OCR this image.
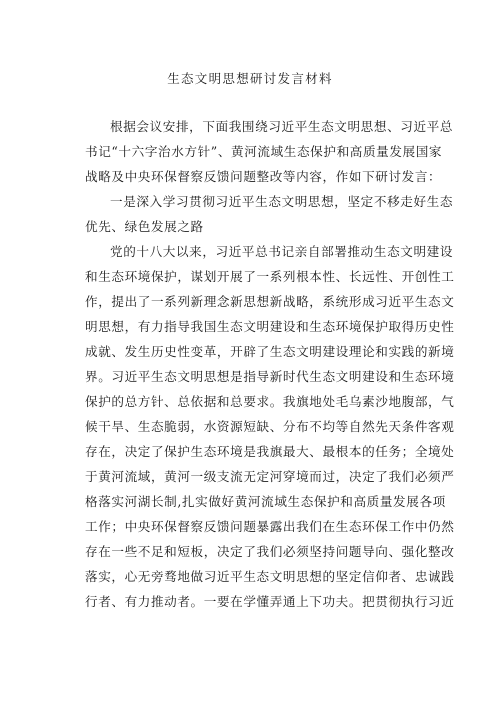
生态文明思想研讨发言材料
根据会议安排，下面我围绕习近平生态文明思想、习近平总
书记“十六字治水方针”、黄河流域生态保护和高质量发展国家
战略及中央环保督察反馈问题整改等内容，作如下研讨发言：
一是深入学习贯彻习近平生态文明思想，坚定不移走好生态
优先、绿色发展之路
党的十八大以来，习近平总书记亲自部署推动生态文明建设
和生态环境保护，谋划开展了一系列根本性、长远性、开创性工
作，提出了一系列新理念新思想新战略，系统形成习近平生态文
明思想，有力指导我国生态文明建设和生态环境保护取得历史性
成就、发生历史性变革，开辟了生态文明建设理论和实践的新境
界。习近平生态文明思想是指导新时代生态文明建设和生态环境
保护的总方针、总依据和总要求。我旗地处毛乌素沙地腹部，气
候干旱、生态脆弱，水资源短缺、分布不均等自然先天条件客观
存在，决定了保护生态环境是我旗最大、最根本的任务；全境处
于黄河流域，黄河一级支流无定河穿境而过，决定了我们必须严
格落实河湖长制,扎实做好黄河流域生态保护和高质量发展各项
工作；中央环保督察反馈问题暴露出我们在生态环保工作中仍然
存在一些不足和短板，决定了我们必须坚持问题导向、强化整改
落实，心无旁骛地做习近平生态文明思想的坚定信仰者、忠诚践
行者、有力推动者。一要在学懂弄通上下功夫。把贯彻执行习近
